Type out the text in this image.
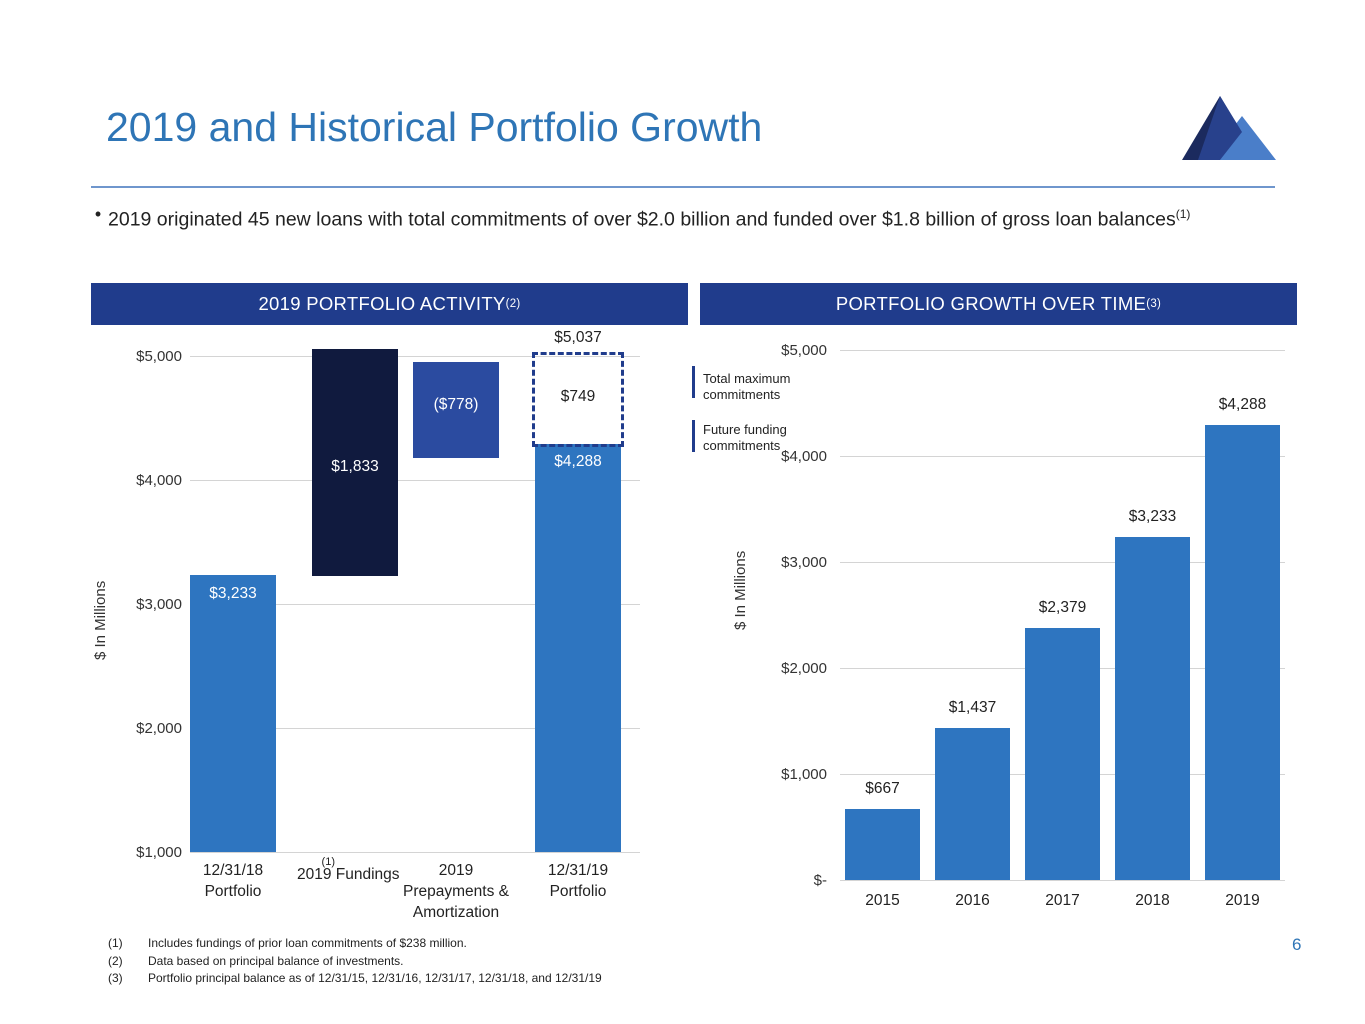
2019 and Historical Portfolio Growth
• 2019 originated 45 new loans with total commitments of over $2.0 billion and funded over $1.8 billion of gross loan balances$^{(1)}$
2019 PORTFOLIO ACTIVITY (2)	PORTFOLIO GROWTH OVER TIME (3)
$ In Millions
$5,000
$4,000
$3,000
$2,000
$1,000
$3,233
$1,833
($778)
$4,288
$5,037
$749
Total maximum
commitments
Future funding
commitments
12/31/18
Portfolio
2019 Fundings$^{(1)}$	2019
Prepayments &
Amortization
12/31/19
Portfolio
$ In Millions
$5,000
$4,000
$3,000
$2,000
$1,000
$-
$667
$1,437
$2,379
$3,233
$4,288
2015	2016	2017	2018	2019
(1)	Includes fundings of prior loan commitments of $238 million.
(2)	Data based on principal balance of investments.
(3)	Portfolio principal balance as of 12/31/15, 12/31/16, 12/31/17, 12/31/18, and 12/31/19
6
